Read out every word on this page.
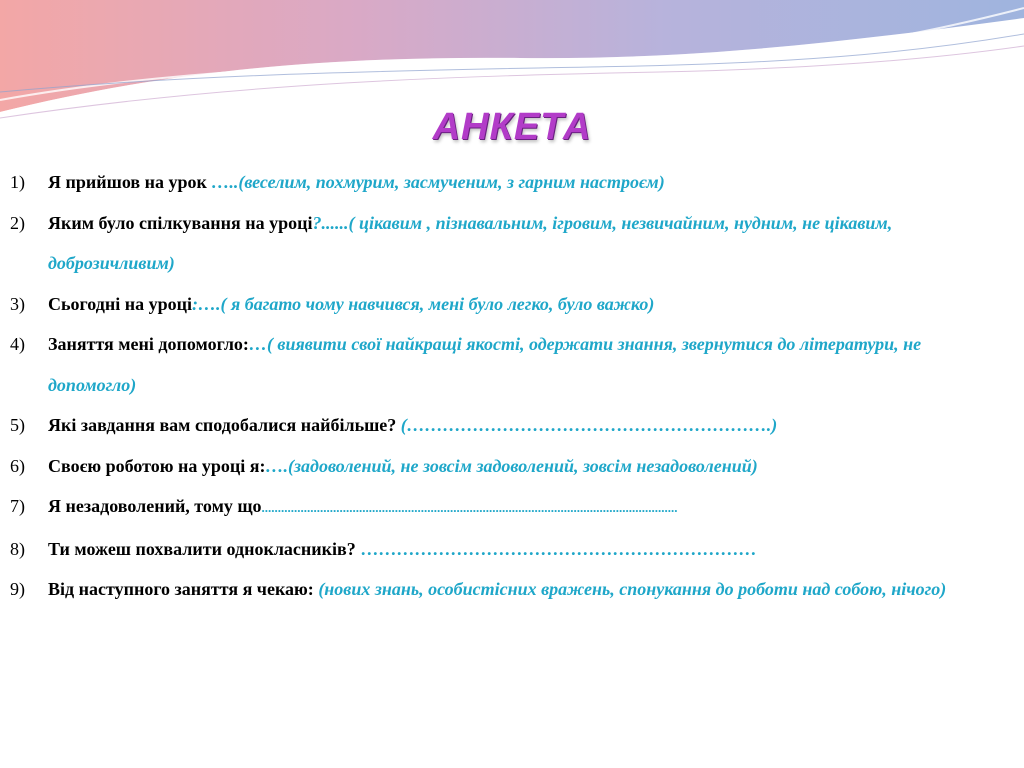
АНКЕТА
1) Я прийшов на урок …..(веселим, похмурим, засмученим, з гарним настроєм)
2) Яким було спілкування на уроці?......( цікавим , пізнавальним, ігровим, незвичайним, нудним, не цікавим, доброзичливим)
3) Сьогодні на уроці:….( я багато чому навчився, мені було легко, було важко)
4) Заняття мені допомогло:…( виявити свої найкращі якості, одержати знання, звернутися до літератури, не допомогло)
5) Які завдання вам сподобалися найбільше? (…………………………………………………….)
6) Своєю роботою на уроці я:….(задоволений, не зовсім задоволений, зовсім незадоволений)
7) Я незадоволений, тому що................................................................................................................................
8) Ти можеш похвалити однокласників? …………………………………………………………
9) Від наступного заняття я чекаю: (нових знань, особистісних вражень, спонукання до роботи над собою, нічого)
